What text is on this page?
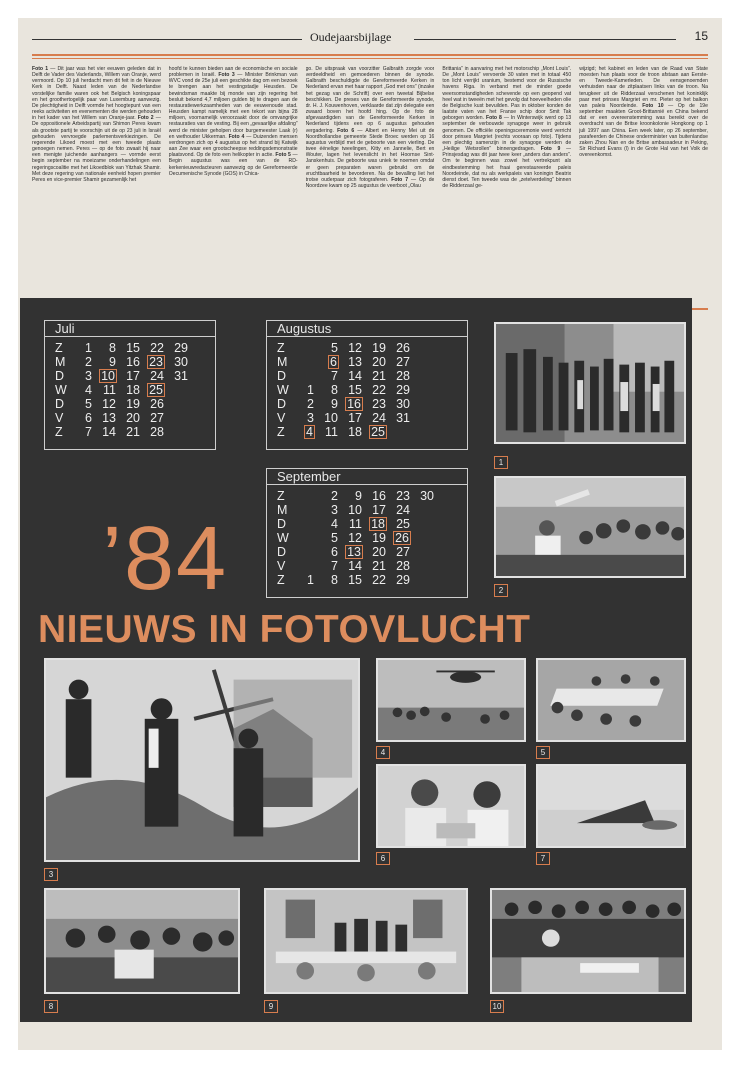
Oudejaarsbijlage	15

Foto 1 — Dit jaar was het vier eeuwen geleden dat in Delft de Vader des Vaderlands, Willem van Oranje, werd vermoord. Op 10 juli herdacht men dit feit in de Nieuwe Kerk in Delft. Naast leden van de Nederlandse vorstelijke familie waren ook het Belgisch koningspaar en het groothertogelijk paar van Luxemburg aanwezig. De plechtigheid in Delft vormde het hoogtepunt van een reeks activiteiten en evenementen die werden gehouden in het kader van het Willem van Oranje-jaar. Foto 2 — De oppositionele Arbeidspartij van Shimon Peres kwam als grootste partij te voorschijn uit de op 23 juli in Israël gehouden vervroegde parlementsverkiezingen. De regerende Likoed moest met een tweede plaats genoegen nemen. Peres — op de foto zwaait hij naar een menigte juichende aanhangers — vormde eerst begin september na moeizame onderhandelingen een regeringscoalitie met het Likoedblok van Yitzhak Shamir. Met deze regering van nationale eenheid hopen premier Peres en vice-premier Shamir gezamenlijk het

hoofd te kunnen bieden aan de economische en sociale problemen in Israël. Foto 3 — Minister Brinkman van WVC vond de 25e juli een geschikte dag om een bezoek te brengen aan het vestingstadje Heusden. De bewindsman maakte bij monde van zijn regering het besluit bekend 4,7 miljoen gulden bij te dragen aan de restauratiewerkzaamheden van de eeuwenoude stad. Heusden kampt namelijk met een tekort van bijna 28 miljoen, voornamelijk veroorzaakt door de omvangrijke restauraties van de vesting. Bij een „gevaarlijke afdaling” werd de minister geholpen door burgemeester Laak (r) en wethouder Ukkerman. Foto 4 — Duizenden mensen verdrongen zich op 4 augustus op het strand bij Katwijk aan Zee waar een grootscheepse reddingsdemonstratie plaatsvond. Op de foto een helikopter in actie. Foto 5 — Begin augustus was een van de RD-kerkenieuwredacteuren aanwezig op de Gereformeerde Oecumenische Synode (GOS) in Chica-

go. De uitspraak van voorzitter Galbraith zorgde voor verdeeldheid en gemoederen binnen de synode. Galbraith beschuldigde de Gereformeerde Kerken in Nederland ervan met haar rapport „God met ons” (inzake het gezag van de Schrift) over een tweetal Bijbelse beschikken. De preses van de Gereformeerde synode, dr. H. J. Kouwenhoven, verklaarde dat zijn delegatie een zwaard boven het hoofd hing. Op de foto de afgevaardigden van de Gereformeerde Kerken in Nederland tijdens een op 6 augustus gehouden vergadering. Foto 6 — Albert en Henny Mei uit de Noordhollandse gemeente Stede Broec werden op 16 augustus verblijd met de geboorte van een vierling. De twee éénelige tweelingen, Kitty en Jannelie, Bert en Wouter, lagen het levenslicht in het Hoornse Sint-Janskenhuis. De geboorte was uniek te noemen omdat er geen preparaten waren gebruikt om de vruchtbaarheid te bevorderen. Na de bevalling liet het trotse ouderpaar zich fotograferen. Foto 7 — Op de Noordzee kwam op 25 augustus de veerboot „Olau

Brittania” in aanvaring met het motorschip „Mont Louis”. De „Mont Louis” vervoerde 30 vaten met in totaal 450 ton licht verrijkt uranium, bestemd voor de Russische havens Riga. In verband met de minder goede weersomstandigheden schevende op een geopend vat heel wat in tweeën met het gevolg dat hoeveelheden olie de Belgische kust bevuilden. Pas in oktober konden de laatste vaten van het Franse schip door Smit Tak geborgen worden. Foto 8 — In Winterswijk werd op 13 september de verbouwde synagoge weer in gebruik genomen. De officiële openingsceremonie werd verricht door prinses Margriet (rechts vooraan op foto). Tijdens een plechtig samenzijn in de synagoge werden de „Heilige Wetsrollen” binnengedragen. Foto 9 — Prinsjesdag was dit jaar twee keer „anders dan anders”. Om te beginnen was zowel het vertrekpunt als eindbestemming het fraai gerestaureerde paleis Noordeinde, dat nu als werkpaleis van koningin Beatrix dienst doet. Ten tweede was de „zetelverdeling” binnen de Ridderzaal ge-

wijzigd; het kabinet en leden van de Raad van State moesten hun plaats voor de troon afstaan aan Eerste- en Tweede-Kamerleden. De eensgenoemden verhuisden naar de zitplaatsen links van de troon. Na terugkeer uit de Ridderzaal verschenen het koninklijk paar met prinses Margriet en mr. Pieter op het balkon van paleis Noordeinde. Foto 10 — Op de 19e september maakten Groot-Brittannië en China bekend dat er een overeenstemming was bereikt over de overdracht van de Britse kroonkolonie Hongkong op 1 juli 1997 aan China. Een week later, op 26 september, parafeerden de Chinese onderminister van buitenlandse zaken Zhou Nan en de Britse ambassadeur in Peking, Sir Richard Evans (l) in de Grote Hal van het Volk de overeenkomst.

Juli
Z	1	8	15	22	29
M	2	9	16	23	30
D	3	10	17	24	31
W	4	11	18	25	
D	5	12	19	26	
V	6	13	20	27	
Z	7	14	21	28	
Augustus
Z		5	12	19	26
M		6	13	20	27
D		7	14	21	28
W	1	8	15	22	29
D	2	9	16	23	30
V	3	10	17	24	31
Z	4	11	18	25	
September
Z		2	9	16	23	30
M		3	10	17	24	
D		4	11	18	25	
W		5	12	19	26	
D		6	13	20	27	
V		7	14	21	28	
Z	1	8	15	22	29	
’84
NIEUWS IN FOTOVLUCHT
1
2
3
4	5
6	7
8	9	10
